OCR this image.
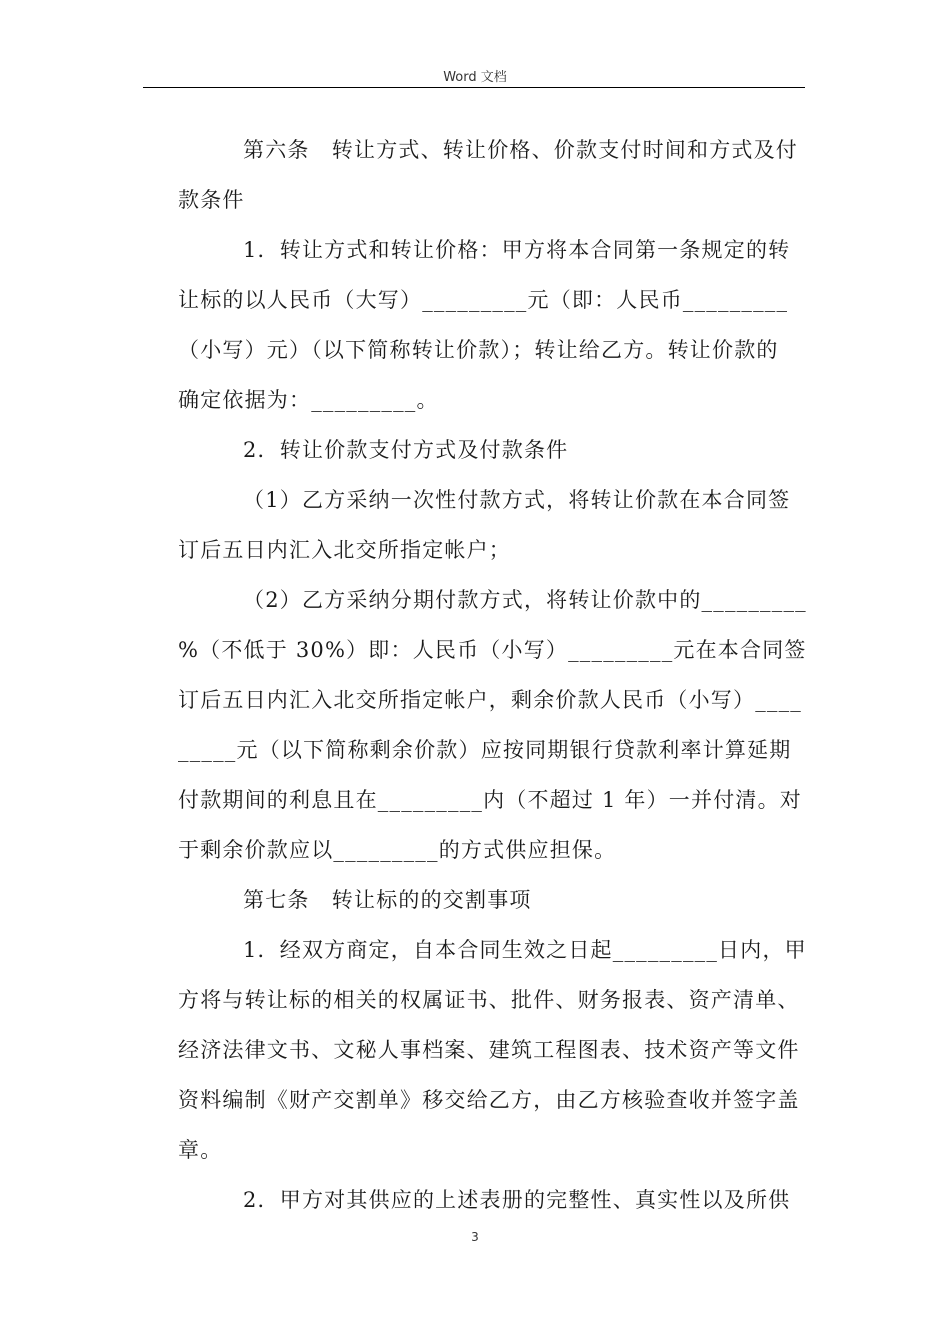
Word 文档
第六条　转让方式、转让价格、价款支付时间和方式及付
款条件
1．转让方式和转让价格：甲方将本合同第一条规定的转
让标的以人民币（大写）_________元（即：人民币_________
（小写）元）（以下简称转让价款）；转让给乙方。转让价款的
确定依据为：_________。
2．转让价款支付方式及付款条件
（1）乙方采纳一次性付款方式，将转让价款在本合同签
订后五日内汇入北交所指定帐户；
（2）乙方采纳分期付款方式，将转让价款中的_________
%（不低于 30%）即：人民币（小写）_________元在本合同签
订后五日内汇入北交所指定帐户，剩余价款人民币（小写）____
_____元（以下简称剩余价款）应按同期银行贷款利率计算延期
付款期间的利息且在_________内（不超过 1 年）一并付清。对
于剩余价款应以_________的方式供应担保。
第七条　转让标的的交割事项
1．经双方商定，自本合同生效之日起_________日内，甲
方将与转让标的相关的权属证书、批件、财务报表、资产清单、
经济法律文书、文秘人事档案、建筑工程图表、技术资产等文件
资料编制《财产交割单》移交给乙方，由乙方核验查收并签字盖
章。
2．甲方对其供应的上述表册的完整性、真实性以及所供
3
